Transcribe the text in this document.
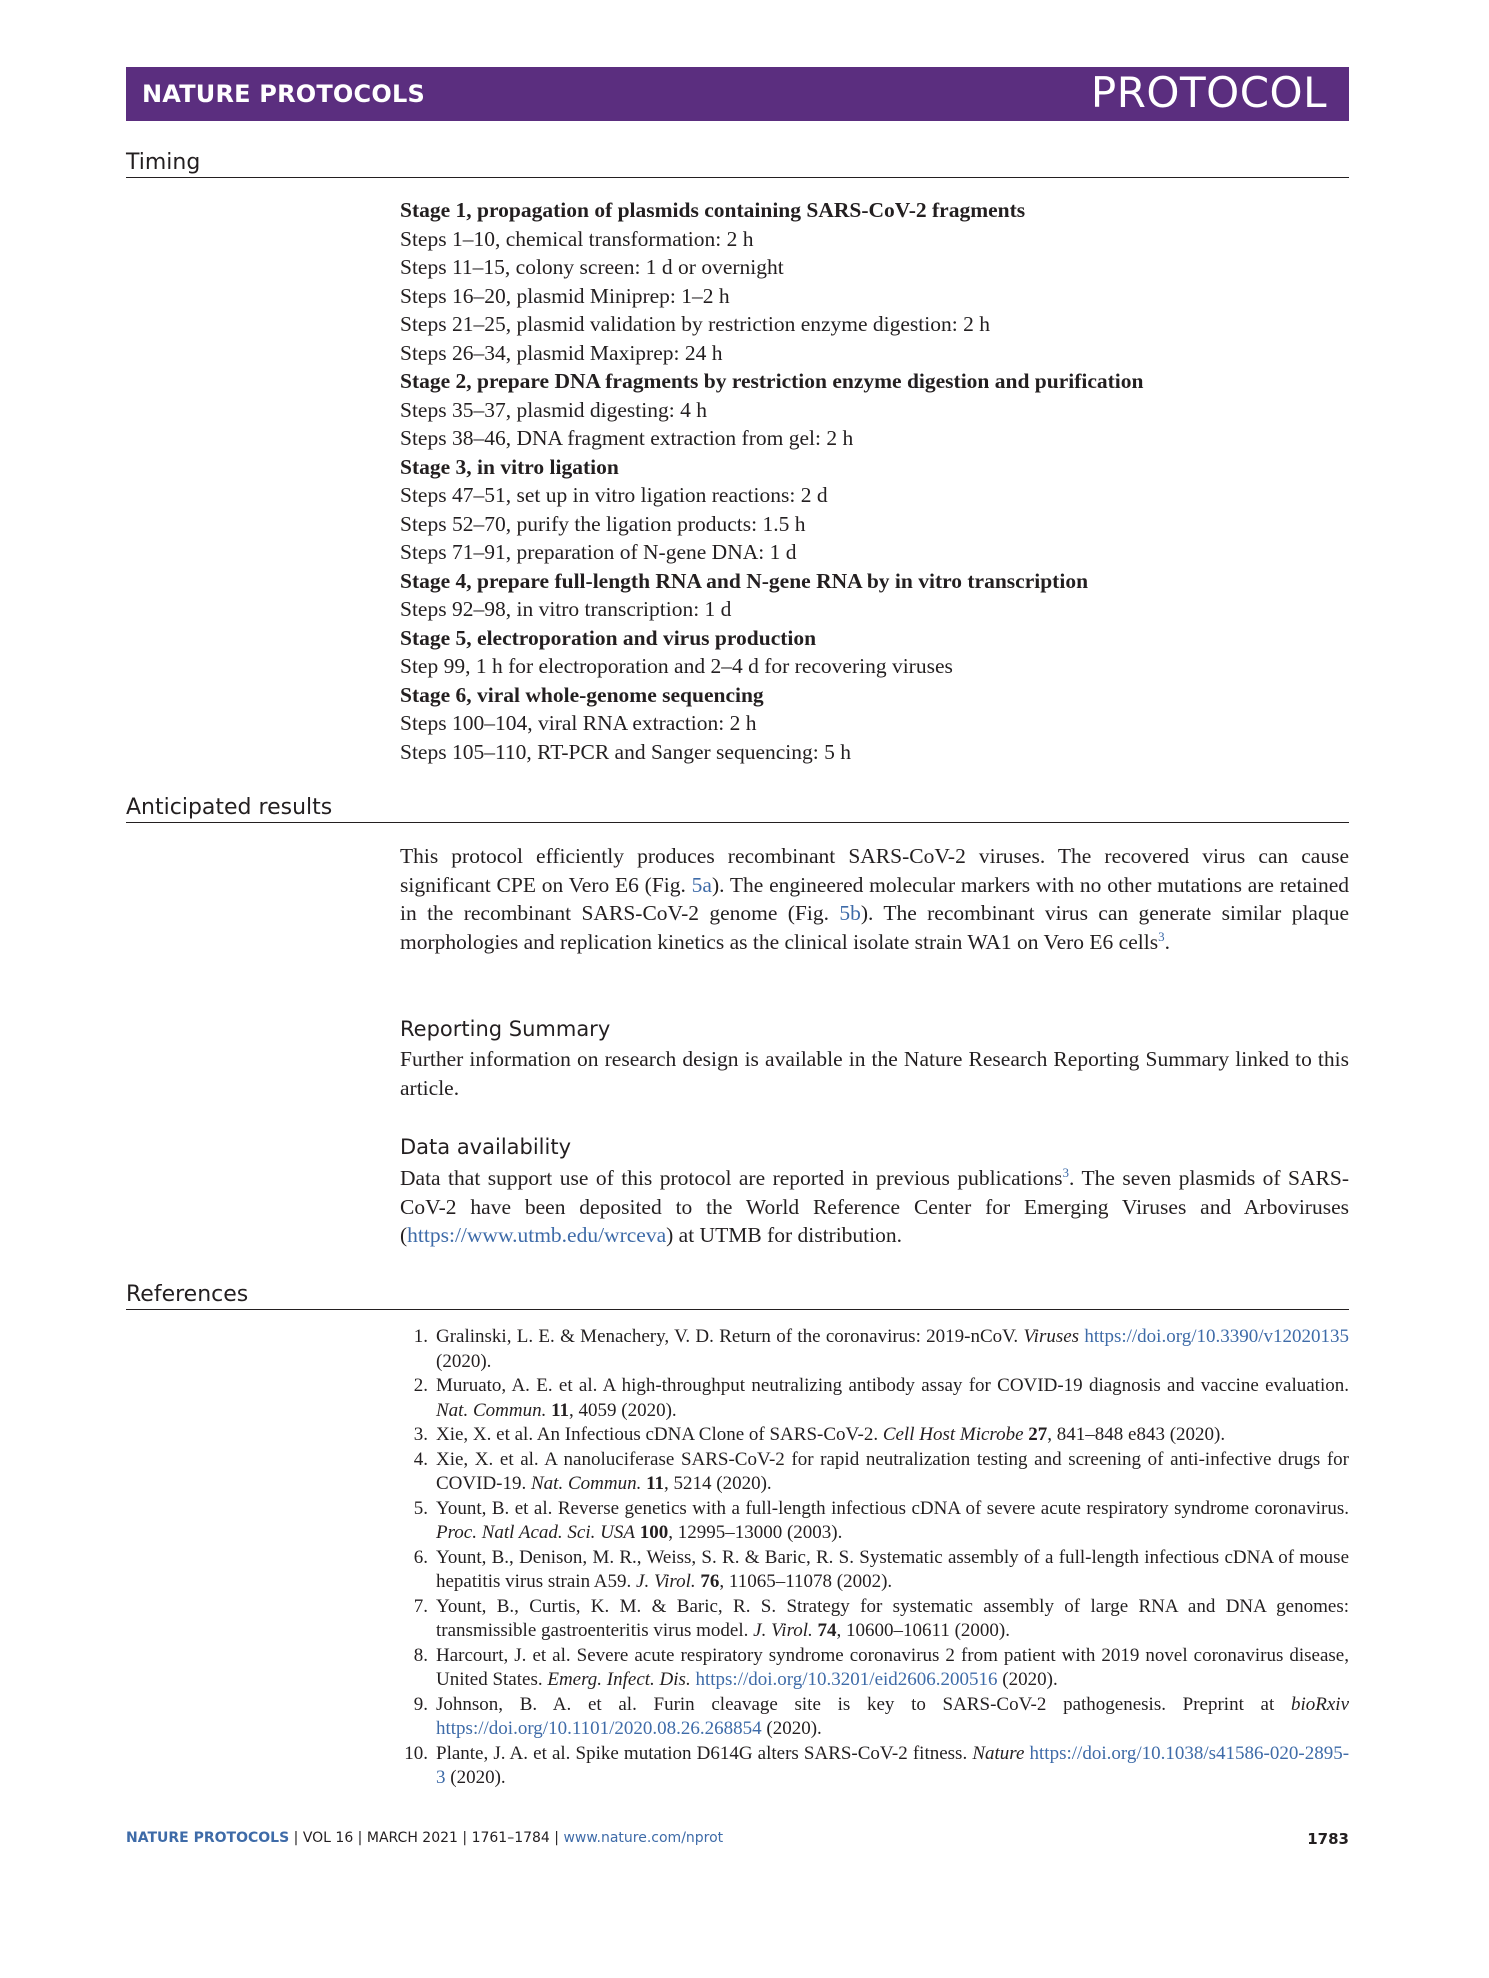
NATURE PROTOCOLS	PROTOCOL
Timing
Stage 1, propagation of plasmids containing SARS-CoV-2 fragments
Steps 1–10, chemical transformation: 2 h
Steps 11–15, colony screen: 1 d or overnight
Steps 16–20, plasmid Miniprep: 1–2 h
Steps 21–25, plasmid validation by restriction enzyme digestion: 2 h
Steps 26–34, plasmid Maxiprep: 24 h
Stage 2, prepare DNA fragments by restriction enzyme digestion and purification
Steps 35–37, plasmid digesting: 4 h
Steps 38–46, DNA fragment extraction from gel: 2 h
Stage 3, in vitro ligation
Steps 47–51, set up in vitro ligation reactions: 2 d
Steps 52–70, purify the ligation products: 1.5 h
Steps 71–91, preparation of N-gene DNA: 1 d
Stage 4, prepare full-length RNA and N-gene RNA by in vitro transcription
Steps 92–98, in vitro transcription: 1 d
Stage 5, electroporation and virus production
Step 99, 1 h for electroporation and 2–4 d for recovering viruses
Stage 6, viral whole-genome sequencing
Steps 100–104, viral RNA extraction: 2 h
Steps 105–110, RT-PCR and Sanger sequencing: 5 h
Anticipated results
This protocol efficiently produces recombinant SARS-CoV-2 viruses. The recovered virus can cause significant CPE on Vero E6 (Fig. 5a). The engineered molecular markers with no other mutations are retained in the recombinant SARS-CoV-2 genome (Fig. 5b). The recombinant virus can generate similar plaque morphologies and replication kinetics as the clinical isolate strain WA1 on Vero E6 cells$^3$.
Reporting Summary
Further information on research design is available in the Nature Research Reporting Summary linked to this article.
Data availability
Data that support use of this protocol are reported in previous publications$^3$. The seven plasmids of SARS-CoV-2 have been deposited to the World Reference Center for Emerging Viruses and Arboviruses (https://www.utmb.edu/wrceva) at UTMB for distribution.
References
1. Gralinski, L. E. & Menachery, V. D. Return of the coronavirus: 2019-nCoV. Viruses https://doi.org/10.3390/v12020135 (2020).
2. Muruato, A. E. et al. A high-throughput neutralizing antibody assay for COVID-19 diagnosis and vaccine evaluation. Nat. Commun. 11, 4059 (2020).
3. Xie, X. et al. An Infectious cDNA Clone of SARS-CoV-2. Cell Host Microbe 27, 841–848 e843 (2020).
4. Xie, X. et al. A nanoluciferase SARS-CoV-2 for rapid neutralization testing and screening of anti-infective drugs for COVID-19. Nat. Commun. 11, 5214 (2020).
5. Yount, B. et al. Reverse genetics with a full-length infectious cDNA of severe acute respiratory syndrome coronavirus. Proc. Natl Acad. Sci. USA 100, 12995–13000 (2003).
6. Yount, B., Denison, M. R., Weiss, S. R. & Baric, R. S. Systematic assembly of a full-length infectious cDNA of mouse hepatitis virus strain A59. J. Virol. 76, 11065–11078 (2002).
7. Yount, B., Curtis, K. M. & Baric, R. S. Strategy for systematic assembly of large RNA and DNA genomes: transmissible gastroenteritis virus model. J. Virol. 74, 10600–10611 (2000).
8. Harcourt, J. et al. Severe acute respiratory syndrome coronavirus 2 from patient with 2019 novel coronavirus disease, United States. Emerg. Infect. Dis. https://doi.org/10.3201/eid2606.200516 (2020).
9. Johnson, B. A. et al. Furin cleavage site is key to SARS-CoV-2 pathogenesis. Preprint at bioRxiv https://doi.org/10.1101/2020.08.26.268854 (2020).
10. Plante, J. A. et al. Spike mutation D614G alters SARS-CoV-2 fitness. Nature https://doi.org/10.1038/s41586-020-2895-3 (2020).
NATURE PROTOCOLS | VOL 16 | MARCH 2021 | 1761–1784 | www.nature.com/nprot	1783
